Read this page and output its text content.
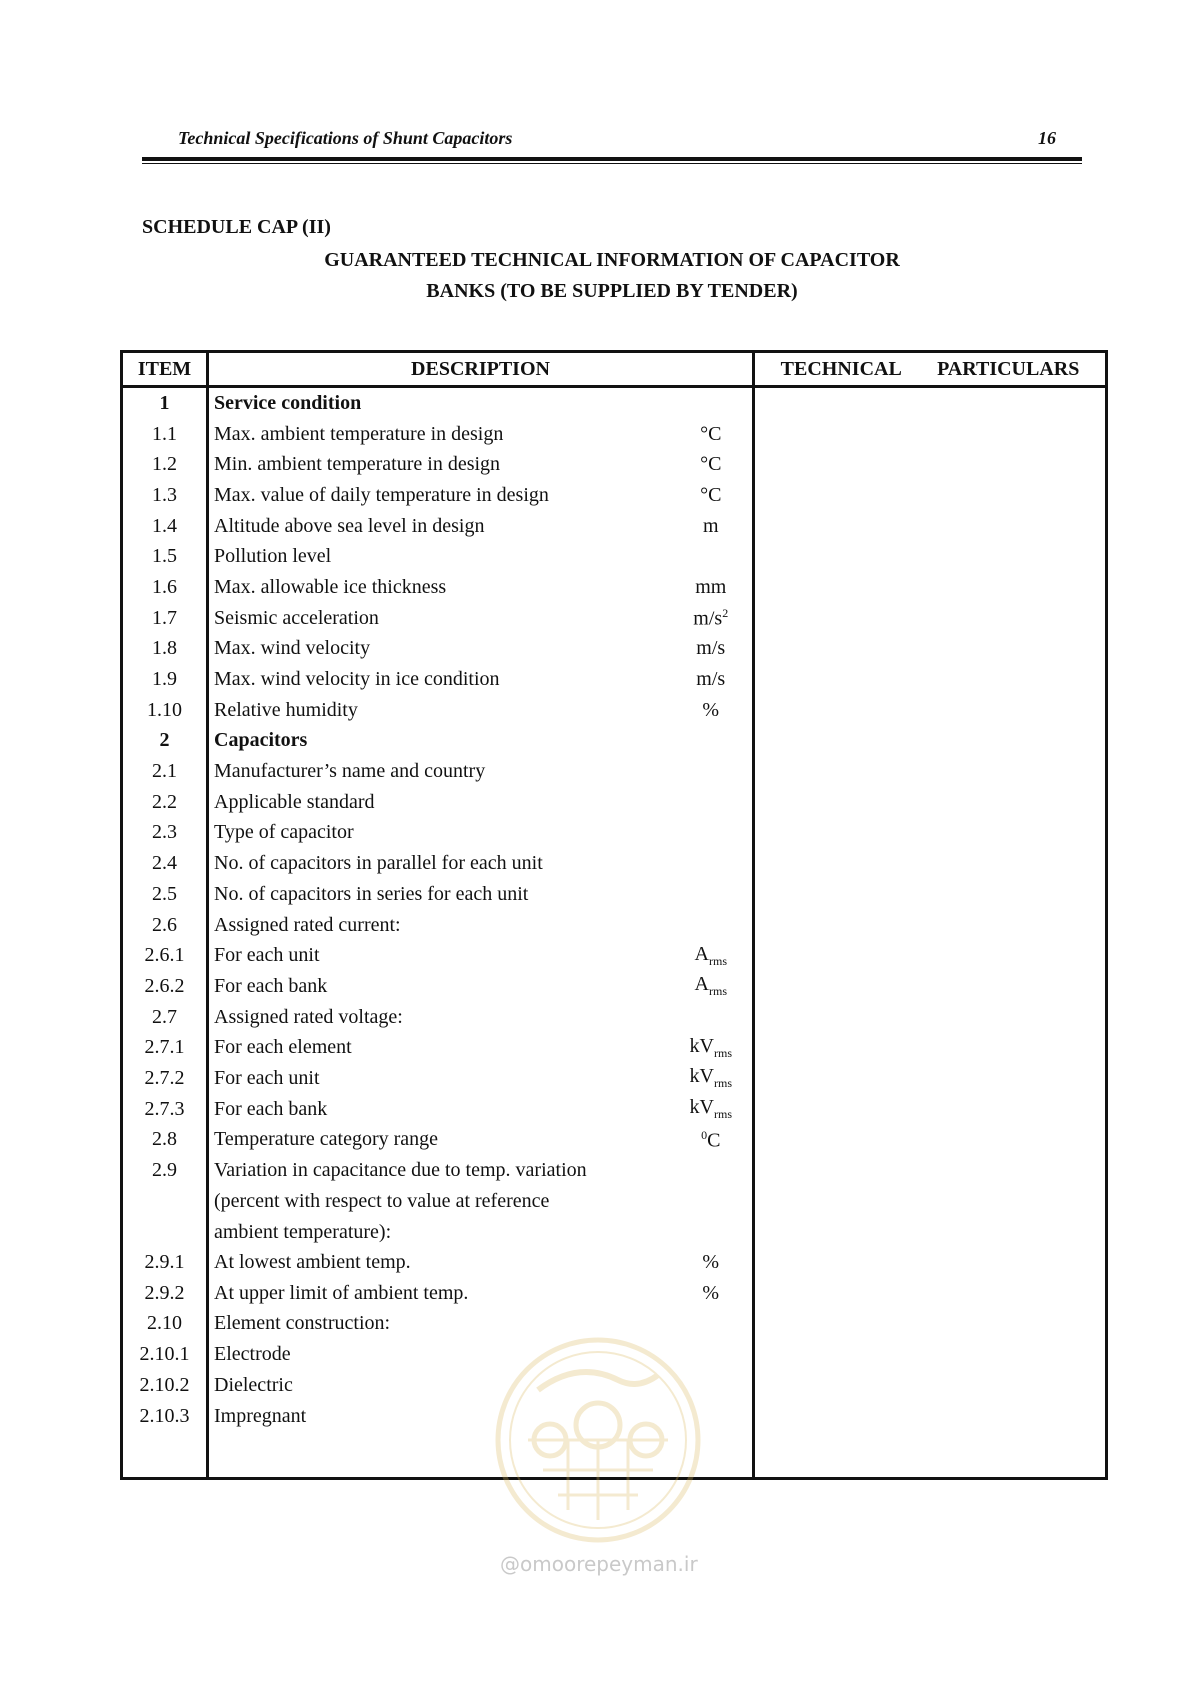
Technical Specifications of Shunt Capacitors	16
SCHEDULE CAP (II)
GUARANTEED TECHNICAL INFORMATION OF CAPACITOR
BANKS (TO BE SUPPLIED BY TENDER)
ITEM	DESCRIPTION		TECHNICAL PARTICULARS

1	Service condition		
1.1	Max. ambient temperature in design	°C	
1.2	Min. ambient temperature in design	°C	
1.3	Max. value of daily temperature in design	°C	
1.4	Altitude above sea level in design	m	
1.5	Pollution level		
1.6	Max. allowable ice thickness	mm	
1.7	Seismic acceleration	$m/s^2$	
1.8	Max. wind velocity	m/s	
1.9	Max. wind velocity in ice condition	m/s	
1.10	Relative humidity	%	
2	Capacitors		
2.1	Manufacturer’s name and country		
2.2	Applicable standard		
2.3	Type of capacitor		
2.4	No. of capacitors in parallel for each unit		
2.5	No. of capacitors in series for each unit		
2.6	Assigned rated current:		
2.6.1	For each unit	$A_{rms}$	
2.6.2	For each bank	$A_{rms}$	
2.7	Assigned rated voltage:		
2.7.1	For each element	$kV_{rms}$	
2.7.2	For each unit	$kV_{rms}$	
2.7.3	For each bank	$kV_{rms}$	
2.8	Temperature category range	$^0$C	
2.9	Variation in capacitance due to temp. variation
(percent with respect to value at reference
ambient temperature):		

2.9.1	At lowest ambient temp.	%	
2.9.2	At upper limit of ambient temp.	%	
2.10	Element construction:		
2.10.1	Electrode		
2.10.2	Dielectric		
2.10.3	Impregnant		

@omoorepeyman.ir
